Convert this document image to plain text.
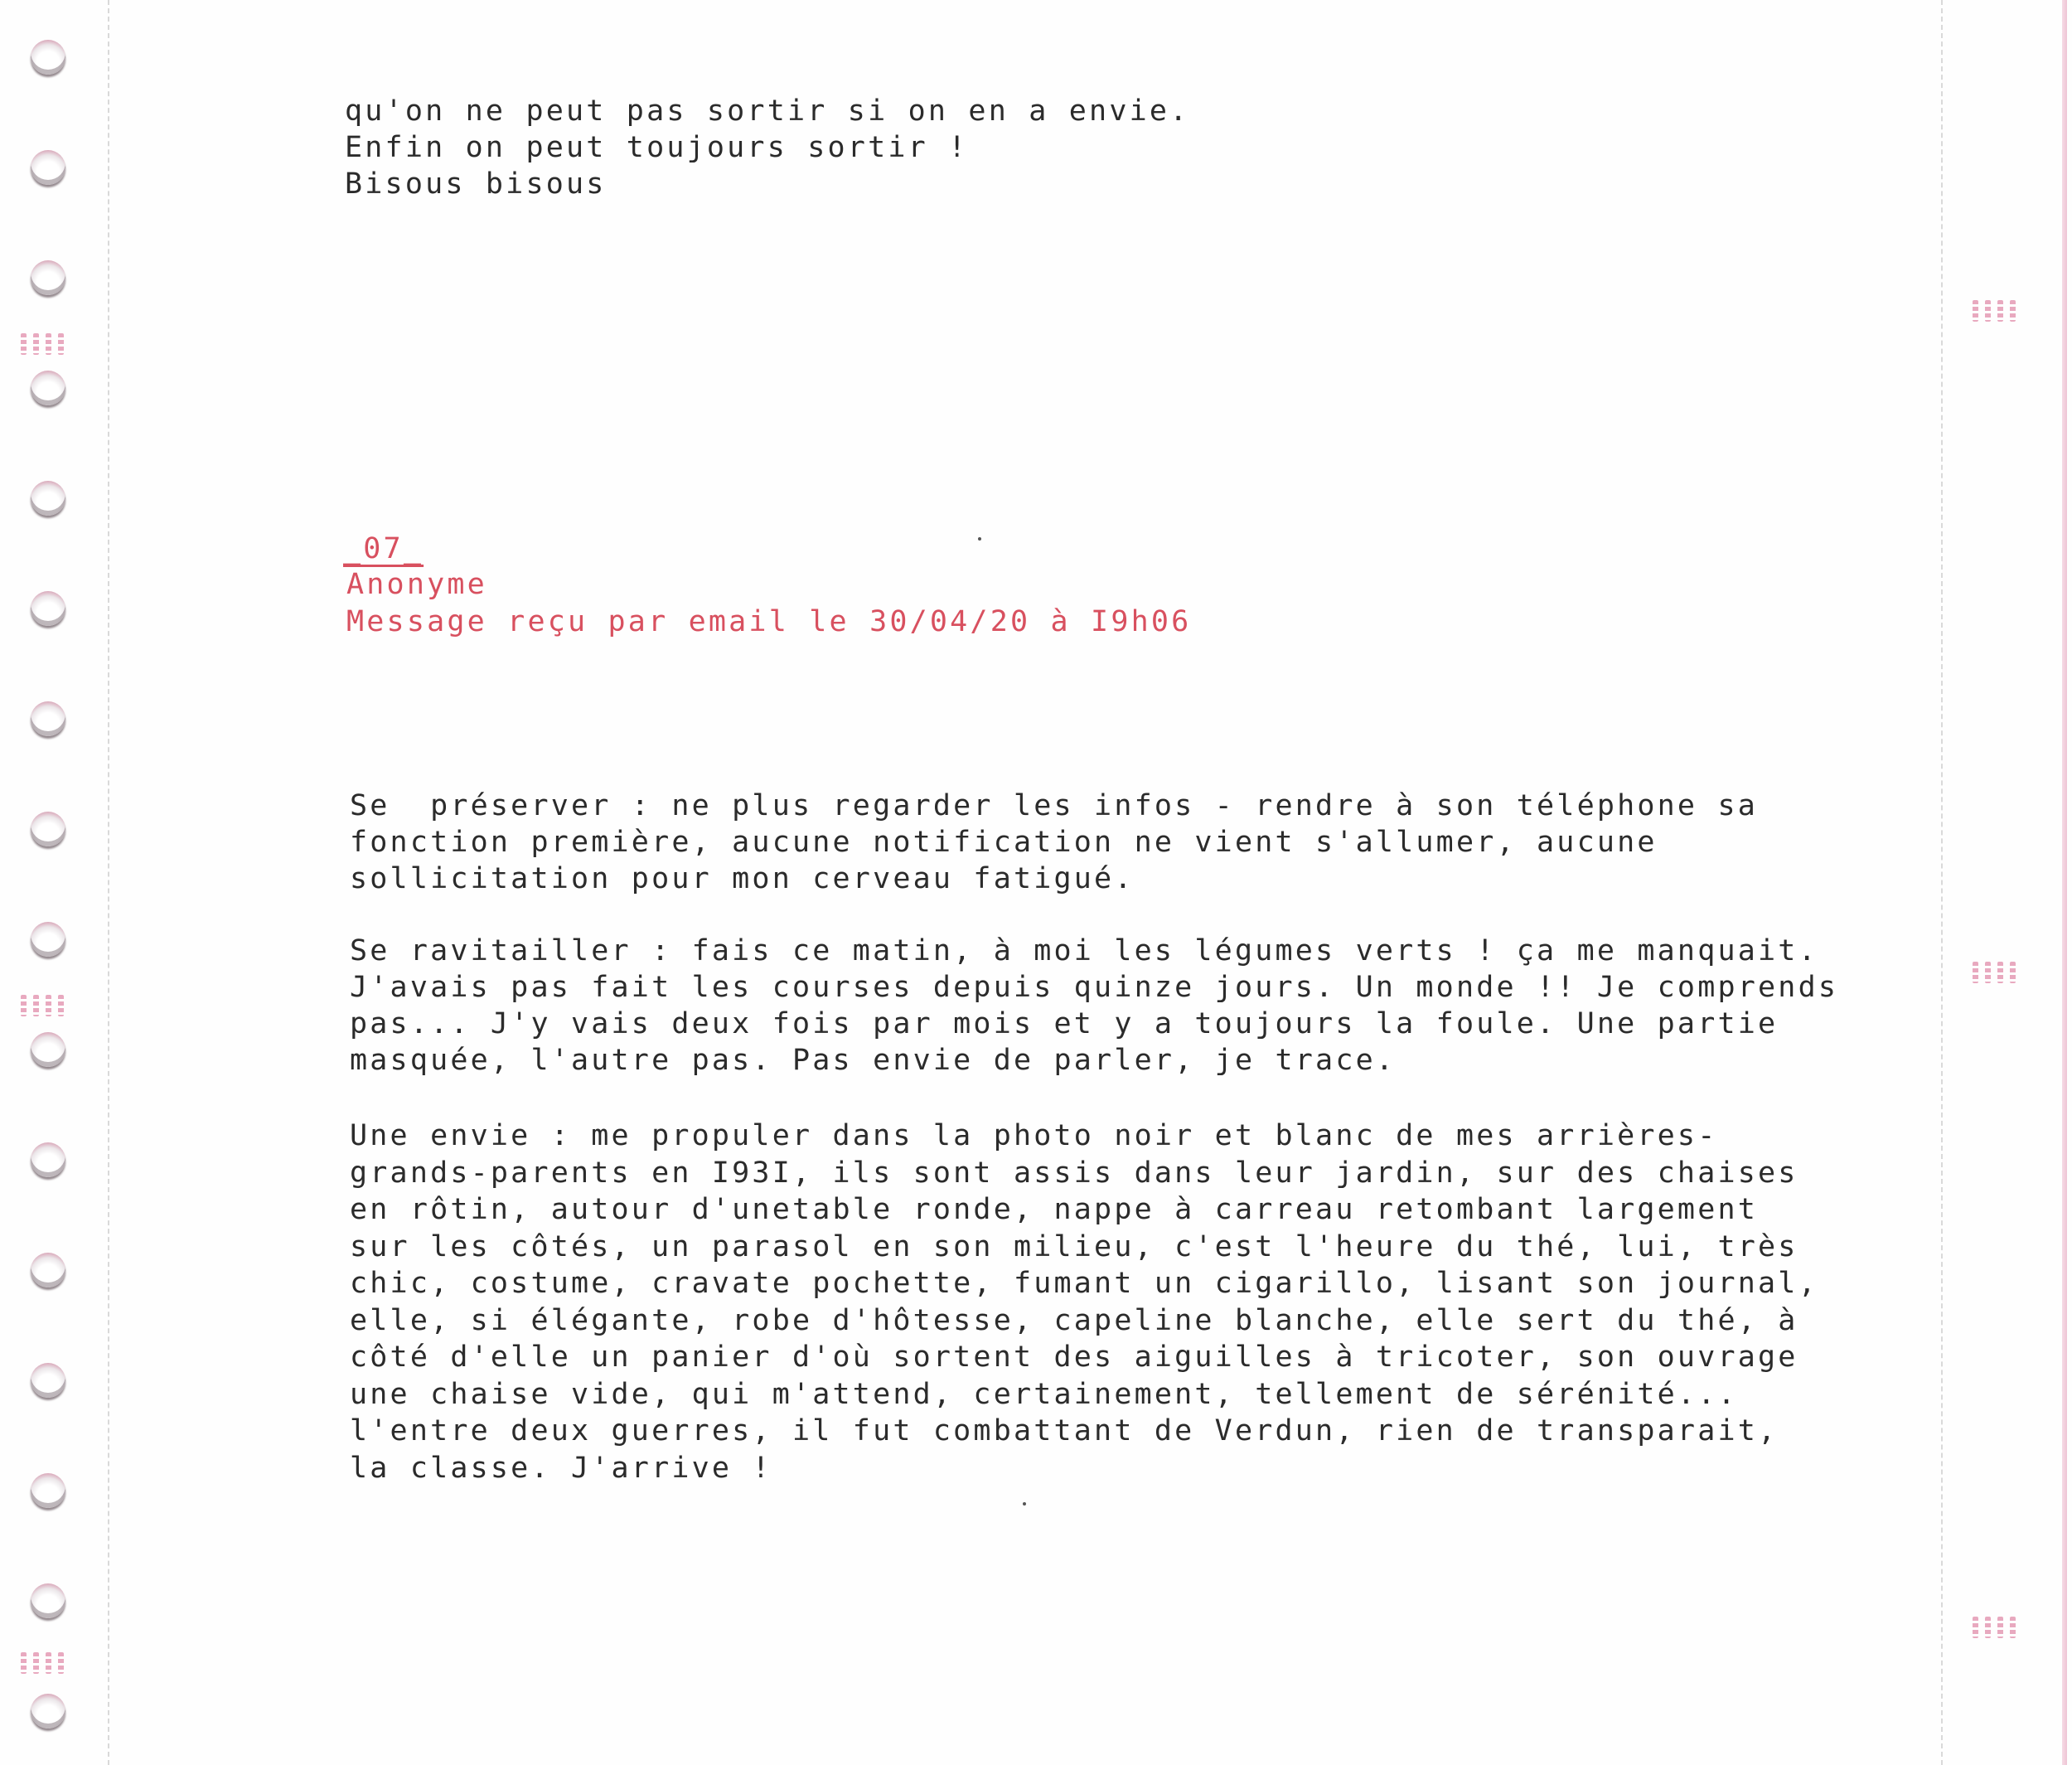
qu'on ne peut pas sortir si on en a envie.
Enfin on peut toujours sortir !
Bisous bisous
_07_
Anonyme
Message reçu par email le 30/04/20 à I9h06
Se  préserver : ne plus regarder les infos - rendre à son téléphone sa
fonction première, aucune notification ne vient s'allumer, aucune
sollicitation pour mon cerveau fatigué.
Se ravitailler : fais ce matin, à moi les légumes verts ! ça me manquait.
J'avais pas fait les courses depuis quinze jours. Un monde !! Je comprends
pas... J'y vais deux fois par mois et y a toujours la foule. Une partie
masquée, l'autre pas. Pas envie de parler, je trace.
Une envie : me propuler dans la photo noir et blanc de mes arrières-
grands-parents en I93I, ils sont assis dans leur jardin, sur des chaises
en rôtin, autour d'unetable ronde, nappe à carreau retombant largement
sur les côtés, un parasol en son milieu, c'est l'heure du thé, lui, très
chic, costume, cravate pochette, fumant un cigarillo, lisant son journal,
elle, si élégante, robe d'hôtesse, capeline blanche, elle sert du thé, à
côté d'elle un panier d'où sortent des aiguilles à tricoter, son ouvrage
une chaise vide, qui m'attend, certainement, tellement de sérénité...
l'entre deux guerres, il fut combattant de Verdun, rien de transparait,
la classe. J'arrive !
